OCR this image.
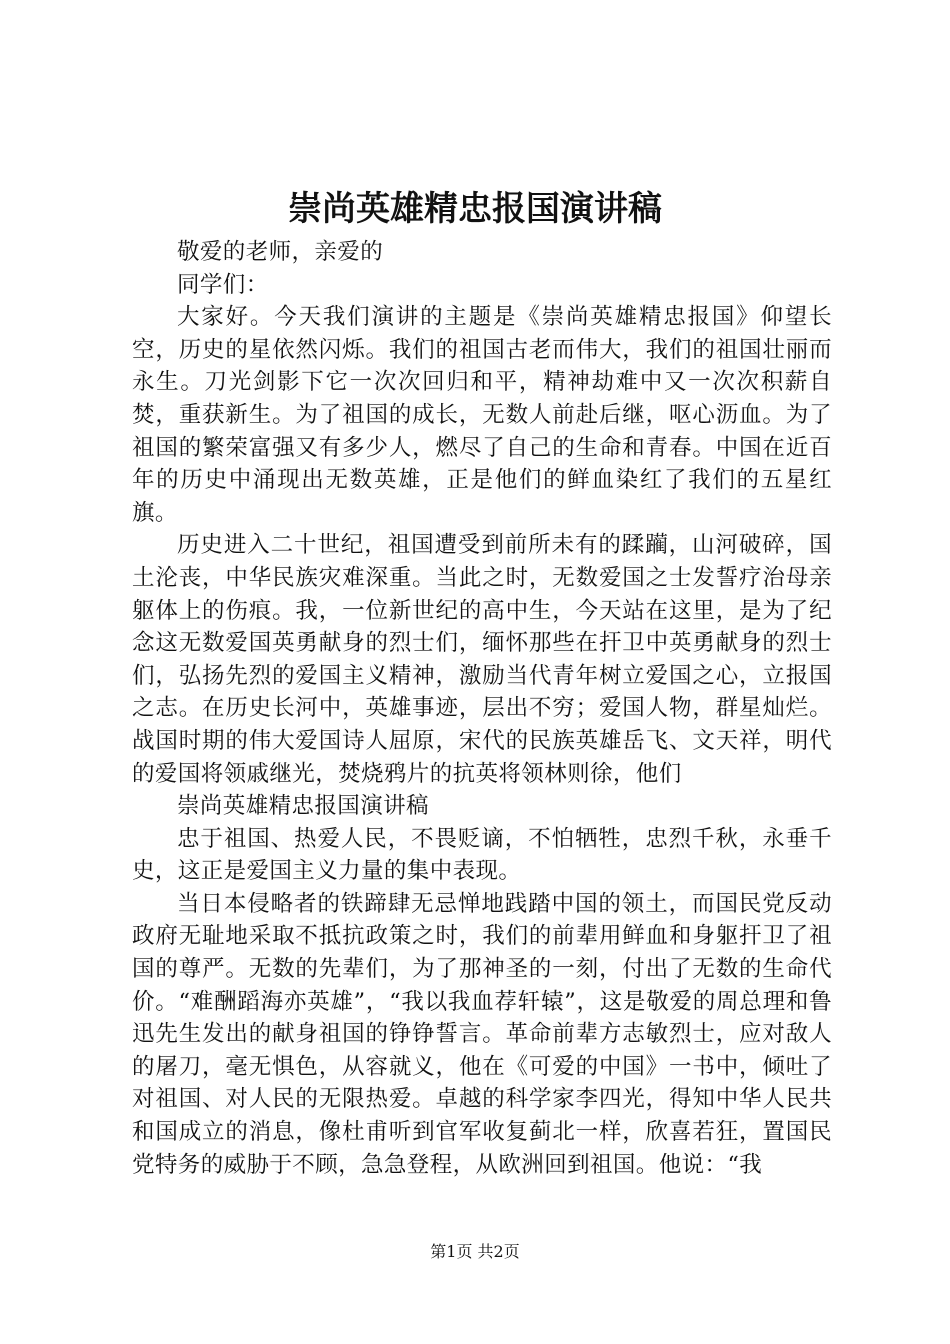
崇尚英雄精忠报国演讲稿

敬爱的老师，亲爱的

同学们：

大家好。今天我们演讲的主题是《崇尚英雄精忠报国》仰望长空，历史的星依然闪烁。我们的祖国古老而伟大，我们的祖国壮丽而永生。刀光剑影下它一次次回归和平，精神劫难中又一次次积薪自焚，重获新生。为了祖国的成长，无数人前赴后继，呕心沥血。为了祖国的繁荣富强又有多少人，燃尽了自己的生命和青春。中国在近百年的历史中涌现出无数英雄，正是他们的鲜血染红了我们的五星红旗。

历史进入二十世纪，祖国遭受到前所未有的蹂躏，山河破碎，国土沦丧，中华民族灾难深重。当此之时，无数爱国之士发誓疗治母亲躯体上的伤痕。我，一位新世纪的高中生，今天站在这里，是为了纪念这无数爱国英勇献身的烈士们，缅怀那些在扞卫中英勇献身的烈士们，弘扬先烈的爱国主义精神，激励当代青年树立爱国之心，立报国之志。在历史长河中，英雄事迹，层出不穷；爱国人物，群星灿烂。战国时期的伟大爱国诗人屈原，宋代的民族英雄岳飞、文天祥，明代的爱国将领戚继光，焚烧鸦片的抗英将领林则徐，他们

崇尚英雄精忠报国演讲稿

忠于祖国、热爱人民，不畏贬谪，不怕牺牲，忠烈千秋，永垂千史，这正是爱国主义力量的集中表现。

当日本侵略者的铁蹄肆无忌惮地践踏中国的领土，而国民党反动政府无耻地采取不抵抗政策之时，我们的前辈用鲜血和身躯扞卫了祖国的尊严。无数的先辈们，为了那神圣的一刻，付出了无数的生命代价。“难酬蹈海亦英雄”，“我以我血荐轩辕”，这是敬爱的周总理和鲁迅先生发出的献身祖国的铮铮誓言。革命前辈方志敏烈士，应对敌人的屠刀，毫无惧色，从容就义，他在《可爱的中国》一书中，倾吐了对祖国、对人民的无限热爱。卓越的科学家李四光，得知中华人民共和国成立的消息，像杜甫听到官军收复蓟北一样，欣喜若狂，置国民党特务的威胁于不顾，急急登程，从欧洲回到祖国。他说：“我

第1页 共2页
